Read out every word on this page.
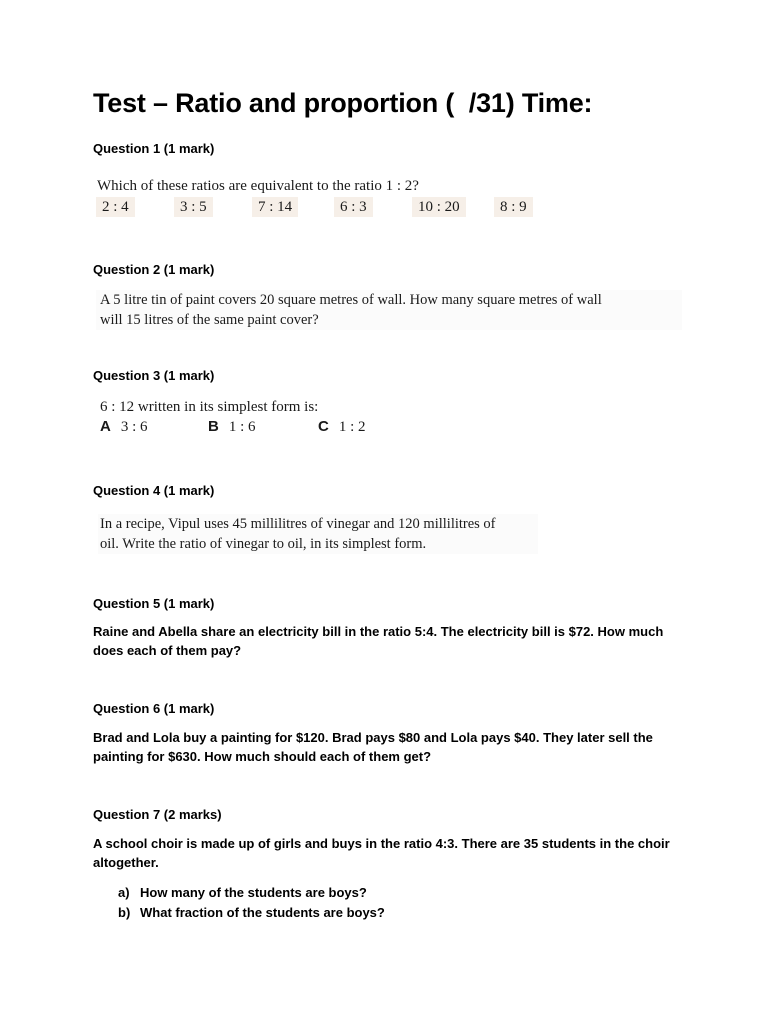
Test – Ratio and proportion (  /31) Time:
Question 1 (1 mark)
Which of these ratios are equivalent to the ratio 1 : 2?
2 : 4	3 : 5	7 : 14	6 : 3	10 : 20	8 : 9
Question 2 (1 mark)
A 5 litre tin of paint covers 20 square metres of wall. How many square metres of wall
will 15 litres of the same paint cover?
Question 3 (1 mark)
6 : 12 written in its simplest form is:
A 3 : 6	B 1 : 6	C 1 : 2
Question 4 (1 mark)
In a recipe, Vipul uses 45 millilitres of vinegar and 120 millilitres of
oil. Write the ratio of vinegar to oil, in its simplest form.
Question 5 (1 mark)
Raine and Abella share an electricity bill in the ratio 5:4. The electricity bill is $72. How much does each of them pay?
Question 6 (1 mark)
Brad and Lola buy a painting for $120. Brad pays $80 and Lola pays $40. They later sell the painting for $630. How much should each of them get?
Question 7 (2 marks)
A school choir is made up of girls and buys in the ratio 4:3. There are 35 students in the choir altogether.
a) How many of the students are boys?
b) What fraction of the students are boys?
